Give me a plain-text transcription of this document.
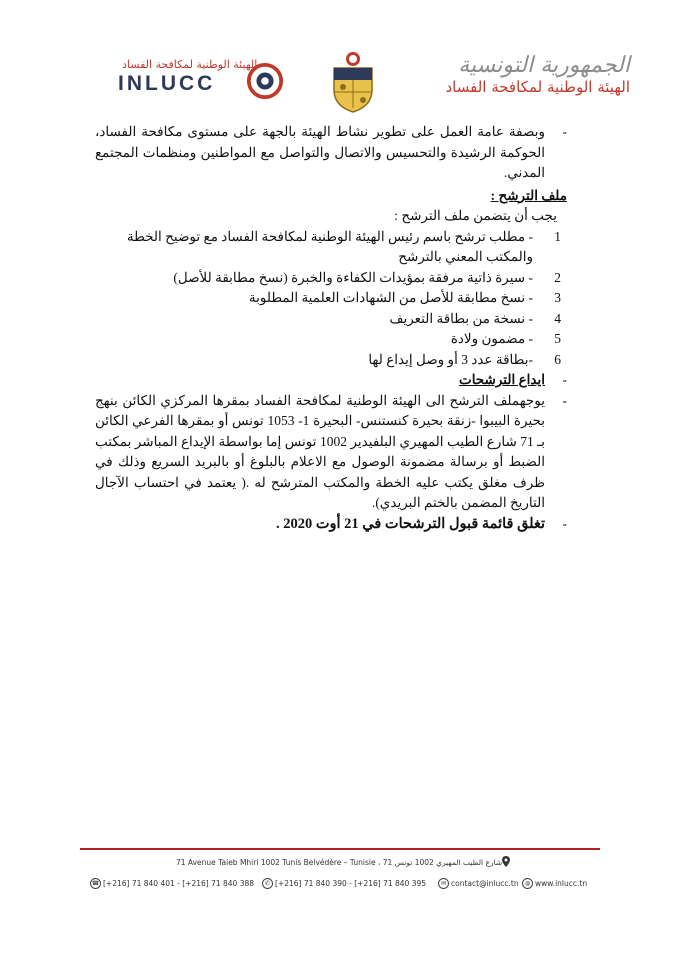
الهيئة الوطنية لمكافحة الفساد
INLUCC
الجمهورية التونسية
الهيئة الوطنية لمكافحة الفساد
-
وبصفة عامة العمل على تطوير نشاط الهيئة بالجهة على مستوى مكافحة الفساد، الحوكمة الرشيدة والتحسيس والاتصال والتواصل مع المواطنين ومنظمات المجتمع المدني.
ملف الترشح :
يجب أن يتضمن ملف الترشح :
1
- مطلب ترشح باسم رئيس الهيئة الوطنية لمكافحة الفساد مع توضيح الخطة والمكتب المعني بالترشح
2
- سيرة ذاتية مرفقة بمؤيدات الكفاءة والخبرة (نسخ مطابقة للأصل)
3
- نسخ مطابقة للأصل من الشهادات العلمية المطلوبة
4
- نسخة من بطاقة التعريف
5
- مضمون ولادة
6
-بطاقة عدد 3 أو وصل إيداع لها
-
ايداع الترشحات
-
يوجهملف الترشح الى الهيئة الوطنية لمكافحة الفساد بمقرها المركزي الكائن بنهج بحيرة البيبوا -زنقة بحيرة كنستنس- البحيرة 1- 1053 تونس أو بمقرها الفرعي الكائن بـ 71 شارع الطيب المهيري البلفيدير 1002 تونس إما بواسطة الإيداع المباشر بمكتب الضبط أو برسالة مضمونة الوصول مع الاعلام بالبلوغ أو بالبريد السريع وذلك في ظرف مغلق يكتب عليه الخطة والمكتب المترشح له .( يعتمد في احتساب الآجال التاريخ المضمن بالختم البريدي).
-
تغلق قائمة قبول الترشحات في 21 أوت 2020 .
71 Avenue Taieb Mhiri 1002 Tunis Belvédère – Tunisie ، 71 شارع الطيب المهيري 1002 تونس
☎ [+216] 71 840 401 - [+216] 71 840 388	✆ [+216] 71 840 390 - [+216] 71 840 395	✉ contact@inlucc.tn	◍ www.inlucc.tn
